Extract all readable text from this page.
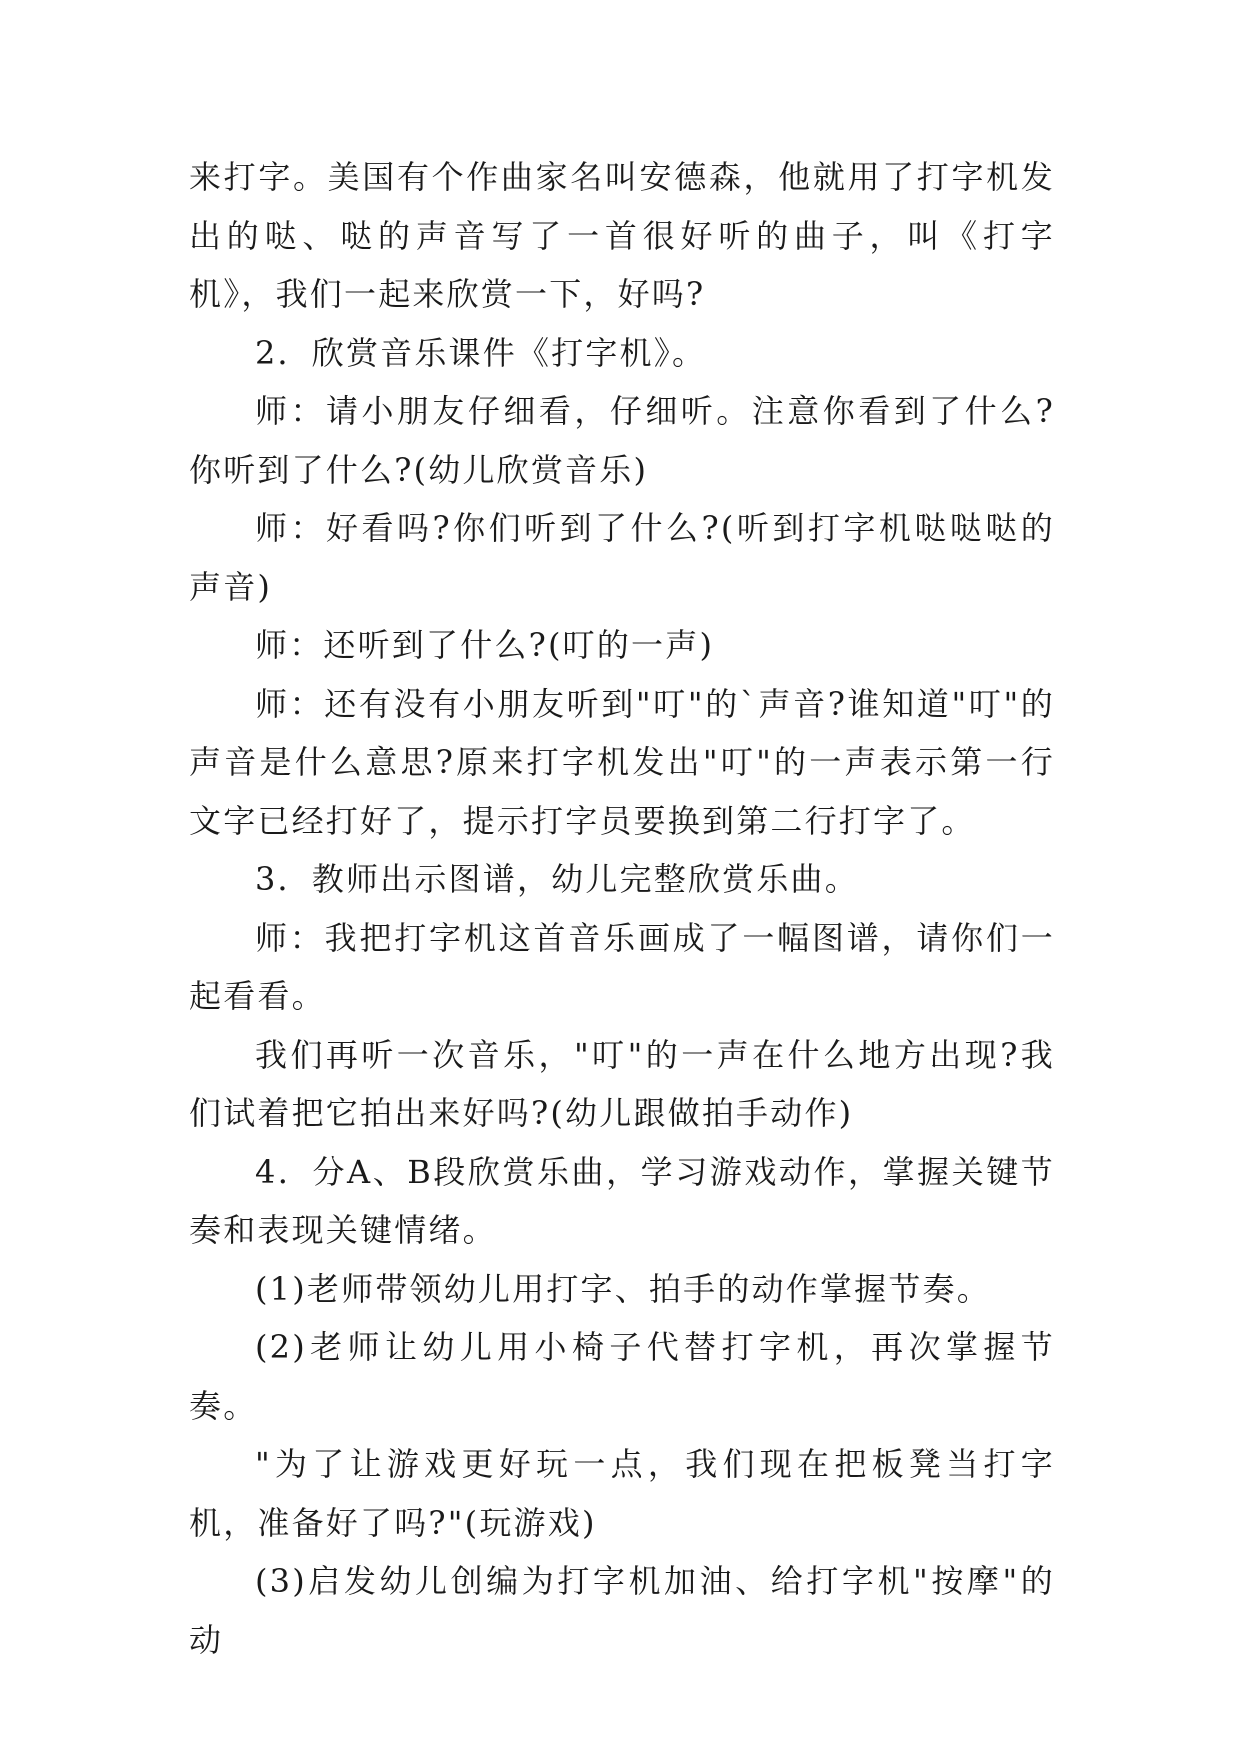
来打字。美国有个作曲家名叫安德森，他就用了打字机发出的哒、哒的声音写了一首很好听的曲子，叫《打字机》，我们一起来欣赏一下，好吗?

2．欣赏音乐课件《打字机》。

师：请小朋友仔细看，仔细听。注意你看到了什么?你听到了什么?(幼儿欣赏音乐)

师：好看吗?你们听到了什么?(听到打字机哒哒哒的声音)

师：还听到了什么?(叮的一声)

师：还有没有小朋友听到"叮"的`声音?谁知道"叮"的声音是什么意思?原来打字机发出"叮"的一声表示第一行文字已经打好了，提示打字员要换到第二行打字了。

3．教师出示图谱，幼儿完整欣赏乐曲。

师：我把打字机这首音乐画成了一幅图谱，请你们一起看看。

我们再听一次音乐，"叮"的一声在什么地方出现?我们试着把它拍出来好吗?(幼儿跟做拍手动作)

4．分A、B段欣赏乐曲，学习游戏动作，掌握关键节奏和表现关键情绪。

(1)老师带领幼儿用打字、拍手的动作掌握节奏。

(2)老师让幼儿用小椅子代替打字机，再次掌握节奏。

"为了让游戏更好玩一点，我们现在把板凳当打字机，准备好了吗?"(玩游戏)

(3)启发幼儿创编为打字机加油、给打字机"按摩"的动
